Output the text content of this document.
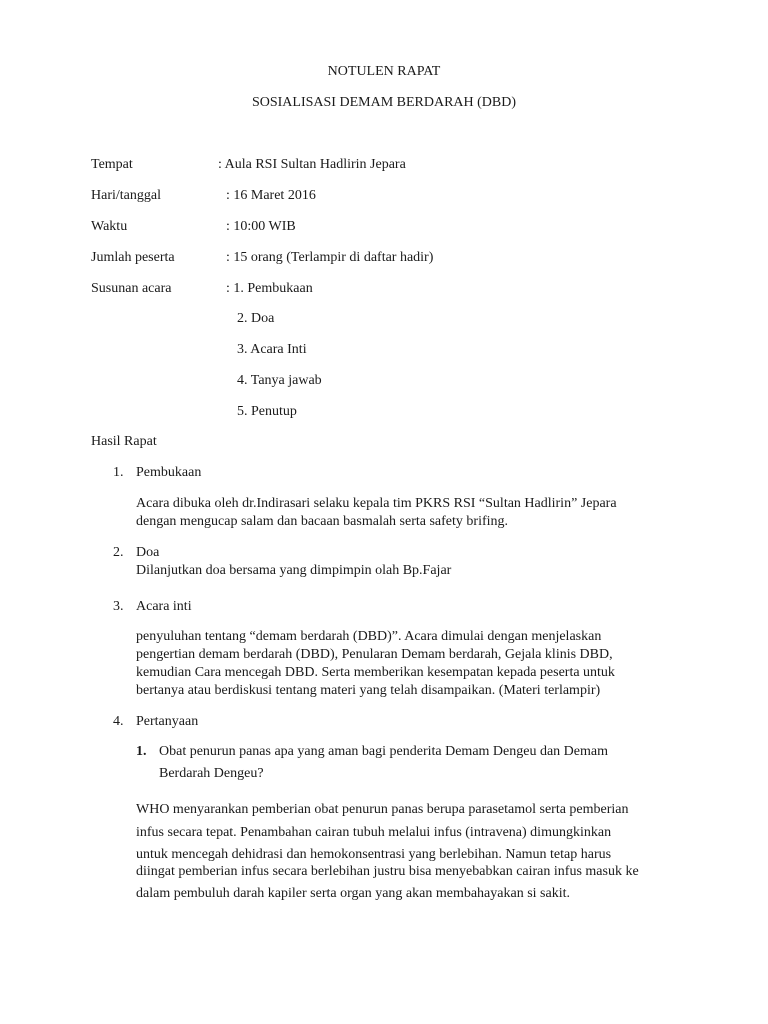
NOTULEN RAPAT
SOSIALISASI DEMAM BERDARAH (DBD)
Tempat	: Aula RSI Sultan Hadlirin Jepara
Hari/tanggal	: 16 Maret 2016
Waktu	: 10:00 WIB
Jumlah peserta	: 15 orang (Terlampir di daftar hadir)
Susunan acara	: 1. Pembukaan
2. Doa
3. Acara Inti
4. Tanya jawab
5. Penutup
Hasil Rapat
1. Pembukaan
Acara dibuka oleh dr.Indirasari selaku kepala tim PKRS RSI “Sultan Hadlirin” Jepara
dengan mengucap salam dan bacaan basmalah serta safety brifing.
2. Doa
Dilanjutkan doa bersama yang dimpimpin olah Bp.Fajar
3. Acara inti
penyuluhan tentang “demam berdarah (DBD)”. Acara dimulai dengan menjelaskan
pengertian demam berdarah (DBD), Penularan Demam berdarah, Gejala klinis DBD,
kemudian Cara mencegah DBD. Serta memberikan kesempatan kepada peserta untuk
bertanya atau berdiskusi tentang materi yang telah disampaikan. (Materi terlampir)
4. Pertanyaan
1. Obat penurun panas apa yang aman bagi penderita Demam Dengeu dan Demam
Berdarah Dengeu?
WHO menyarankan pemberian obat penurun panas berupa parasetamol serta pemberian
infus secara tepat. Penambahan cairan tubuh melalui infus (intravena) dimungkinkan
untuk mencegah dehidrasi dan hemokonsentrasi yang berlebihan. Namun tetap harus
diingat pemberian infus secara berlebihan justru bisa menyebabkan cairan infus masuk ke
dalam pembuluh darah kapiler serta organ yang akan membahayakan si sakit.
